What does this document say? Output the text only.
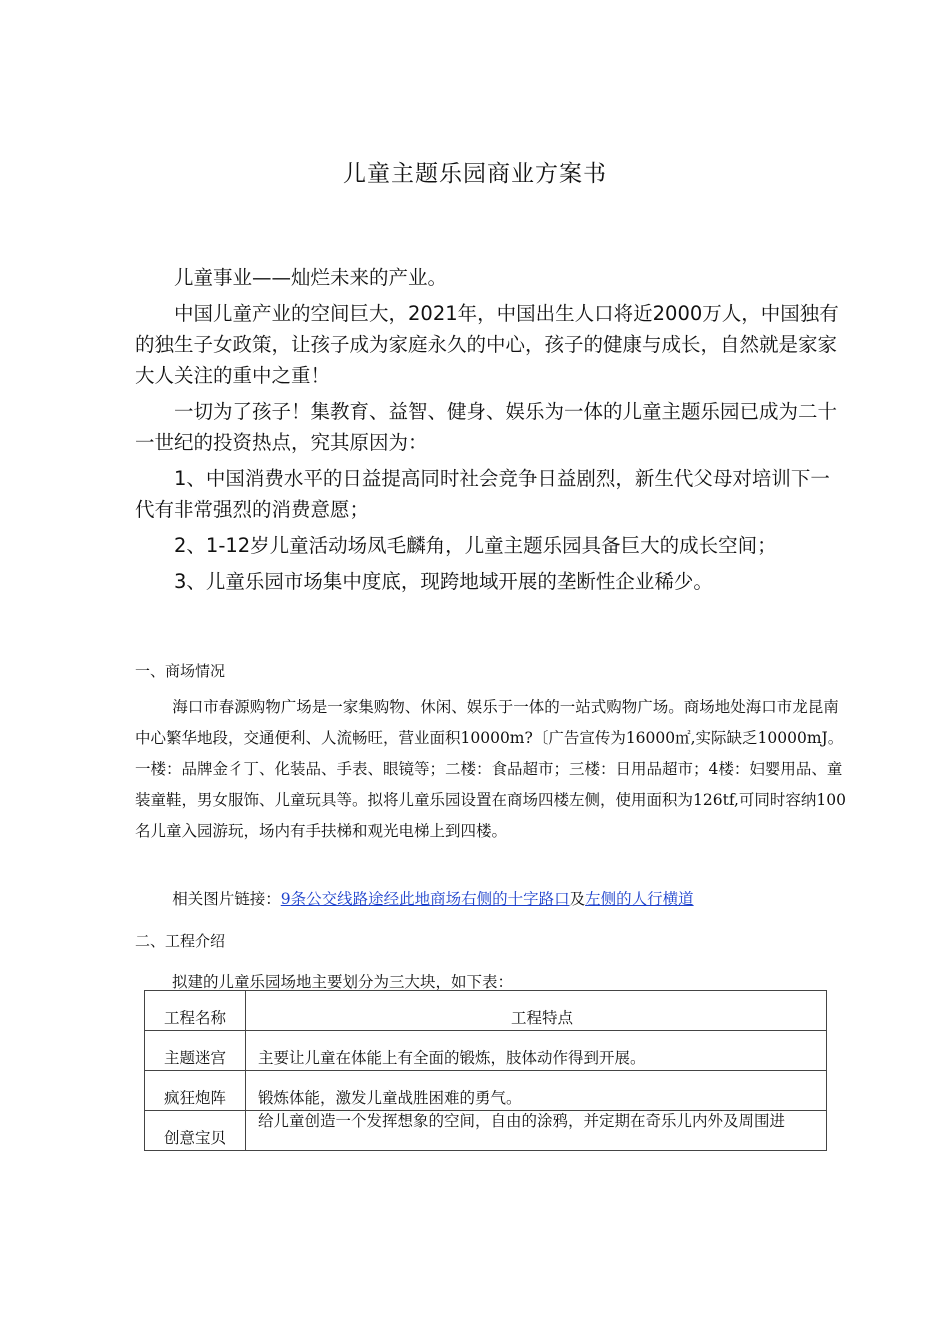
儿童主题乐园商业方案书

儿童事业——灿烂未来的产业。

中国儿童产业的空间巨大，2021年，中国出生人口将近2000万人，中国独有的独生子女政策，让孩子成为家庭永久的中心，孩子的健康与成长，自然就是家家大人关注的重中之重！

一切为了孩子！集教育、益智、健身、娱乐为一体的儿童主题乐园已成为二十一世纪的投资热点，究其原因为：

1、中国消费水平的日益提高同时社会竞争日益剧烈，新生代父母对培训下一代有非常强烈的消费意愿；

2、1-12岁儿童活动场凤毛麟角，儿童主题乐园具备巨大的成长空间；

3、儿童乐园市场集中度底，现跨地域开展的垄断性企业稀少。

一、商场情况

海口市春源购物广场是一家集购物、休闲、娱乐于一体的一站式购物广场。商场地处海口市龙昆南中心繁华地段，交通便利、人流畅旺，营业面积10000m?〔广告宣传为16000㎡,实际缺乏10000mJ。一楼：品牌金彳丁、化装品、手表、眼镜等；二楼：食品超市；三楼：日用品超市；4楼：妇婴用品、童装童鞋，男女服饰、儿童玩具等。拟将儿童乐园设置在商场四楼左侧，使用面积为126tf,可同时容纳100名儿童入园游玩，场内有手扶梯和观光电梯上到四楼。

相关图片链接：9条公交线路途经此地商场右侧的十字路口及左侧的人行横道

二、工程介绍
拟建的儿童乐园场地主要划分为三大块，如下表：
工程名称	工程特点
主题迷宫	主要让儿童在体能上有全面的锻炼，肢体动作得到开展。
疯狂炮阵	锻炼体能，激发儿童战胜困难的勇气。
创意宝贝	给儿童创造一个发挥想象的空间，自由的涂鸦，并定期在奇乐儿内外及周围进
